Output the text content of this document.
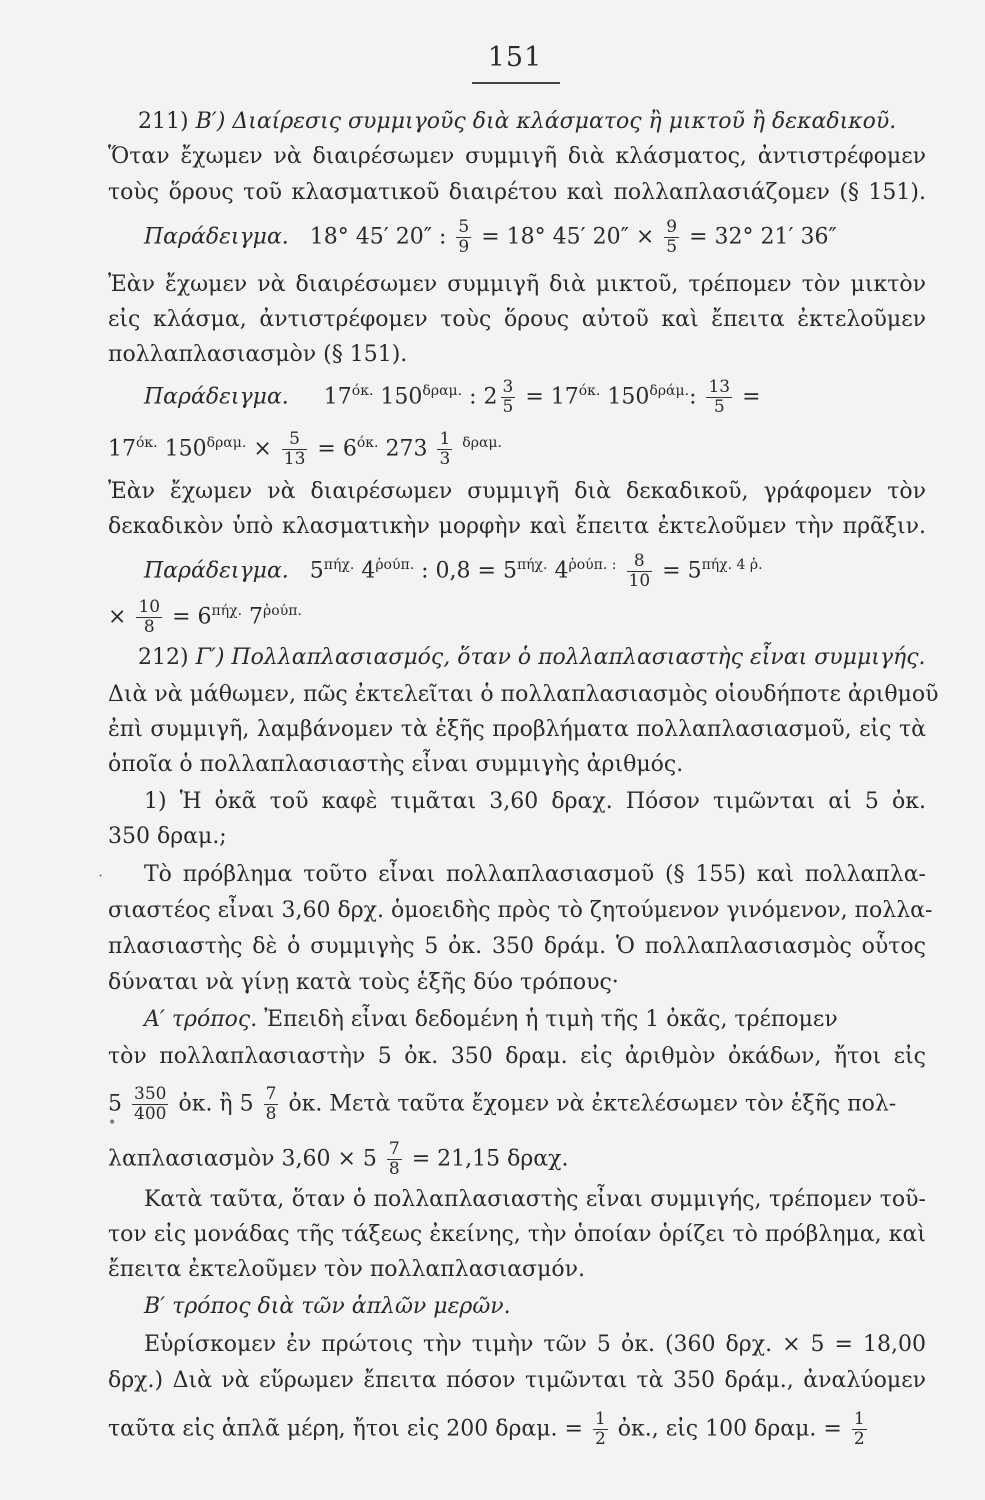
151
211) Β′) Διαίρεσις συμμιγοῦς διὰ κλάσματος ἢ μικτοῦ ἢ δεκαδικοῦ.
Ὅταν ἔχωμεν νὰ διαιρέσωμεν συμμιγῆ διὰ κλάσματος, ἀντιστρέφομεν
τοὺς ὅρους τοῦ κλασματικοῦ διαιρέτου καὶ πολλαπλασιάζομεν (§ 151).
Παράδειγμα. 18° 45′ 20″ : $\frac{5}{9} = 18^\circ$ 45′ $20'' \times \frac{9}{5} = 32^\circ$ 21′ 36″
Ἐὰν ἔχωμεν νὰ διαιρέσωμεν συμμιγῆ διὰ μικτοῦ, τρέπομεν τὸν μικτὸν
εἰς κλάσμα, ἀντιστρέφομεν τοὺς ὅρους αὐτοῦ καὶ ἔπειτα ἐκτελοῦμεν
πολλαπλασιασμὸν (§ 151).
Παράδειγμα. $17^{ό\kappa.}$ $150^{\delta\rho\alpha\mu.}$ : $2 \frac{3}{5} = 17^{ό\kappa.}$ $150^{\delta\rho ά\mu.}$: $\frac{13}{5}$ =
$17^{ό\kappa.}$ $150^{\delta\rho\alpha\mu.} \times \frac{5}{13} = 6^{ό\kappa.}$ $273 \frac{1}{3} ^{\delta\rho\alpha\mu.}$
Ἐὰν ἔχωμεν νὰ διαιρέσωμεν συμμιγῆ διὰ δεκαδικοῦ, γράφομεν τὸν
δεκαδικὸν ὑπὸ κλασματικὴν μορφὴν καὶ ἔπειτα ἐκτελοῦμεν τὴν πρᾶξιν.
Παράδειγμα. $5^{\pi ή\chi.}$ $4^{ῥoύ\pi.}$ : $0,8 = 5^{\pi ή\chi.}$ $4^{ῥoύ\pi. :} \frac{8}{10} = 5^{\pi ή\chi. 4 ῥ.}$
× $\frac{10}{8} = 6^{\pi ή\chi.}$ $7^{ῥoύ\pi.}$
212) Γ′) Πολλαπλασιασμός, ὅταν ὁ πολλαπλασιαστὴς εἶναι συμμιγής.
Διὰ νὰ μάθωμεν, πῶς ἐκτελεῖται ὁ πολλαπλασιασμὸς οἱουδήποτε ἀριθμοῦ
ἐπὶ συμμιγῆ, λαμβάνομεν τὰ ἑξῆς προβλήματα πολλαπλασιασμοῦ, εἰς τὰ
ὁποῖα ὁ πολλαπλασιαστὴς εἶναι συμμιγὴς ἀριθμός.
1) Ἡ ὀκᾶ τοῦ καφὲ τιμᾶται 3,60 δραχ. Πόσον τιμῶνται αἱ 5 ὀκ.
350 δραμ.;
· Τὸ πρόβλημα τοῦτο εἶναι πολλαπλασιασμοῦ (§ 155) καὶ πολλαπλα-
σιαστέος εἶναι 3,60 δρχ. ὁμοειδὴς πρὸς τὸ ζητούμενον γινόμενον, πολλα-
πλασιαστὴς δὲ ὁ συμμιγὴς 5 ὀκ. 350 δράμ. Ὁ πολλαπλασιασμὸς οὗτος
δύναται νὰ γίνῃ κατὰ τοὺς ἑξῆς δύο τρόπους·
Α′ τρόπος. Ἐπειδὴ εἶναι δεδομένη ἡ τιμὴ τῆς 1 ὀκᾶς, τρέπομεν
τὸν πολλαπλασιαστὴν 5 ὀκ. 350 δραμ. εἰς ἀριθμὸν ὀκάδων, ἤτοι εἰς
$5 \frac{350}{400}$ ὀκ. ἢ $5 \frac{7}{8}$ ὀκ. Μετὰ ταῦτα ἔχομεν νὰ ἐκτελέσωμεν τὸν ἑξῆς πολ-
•
λαπλασιασμὸν $3,60 \times 5 \frac{7}{8} = 21,15$ δραχ.
Κατὰ ταῦτα, ὅταν ὁ πολλαπλασιαστὴς εἶναι συμμιγής, τρέπομεν τοῦ-
τον εἰς μονάδας τῆς τάξεως ἐκείνης, τὴν ὁποίαν ὁρίζει τὸ πρόβλημα, καὶ
ἔπειτα ἐκτελοῦμεν τὸν πολλαπλασιασμόν.
Β′ τρόπος διὰ τῶν ἁπλῶν μερῶν.
Εὑρίσκομεν ἐν πρώτοις τὴν τιμὴν τῶν 5 ὀκ. (360 δρχ. × 5 = 18,00
δρχ.) Διὰ νὰ εὕρωμεν ἔπειτα πόσον τιμῶνται τὰ 350 δράμ., ἀναλύομεν
ταῦτα εἰς ἁπλᾶ μέρη, ἤτοι εἰς 200 δραμ. = $\frac{1}{2}$ ὀκ., εἰς 100 δραμ. = $\frac{1}{2}$
